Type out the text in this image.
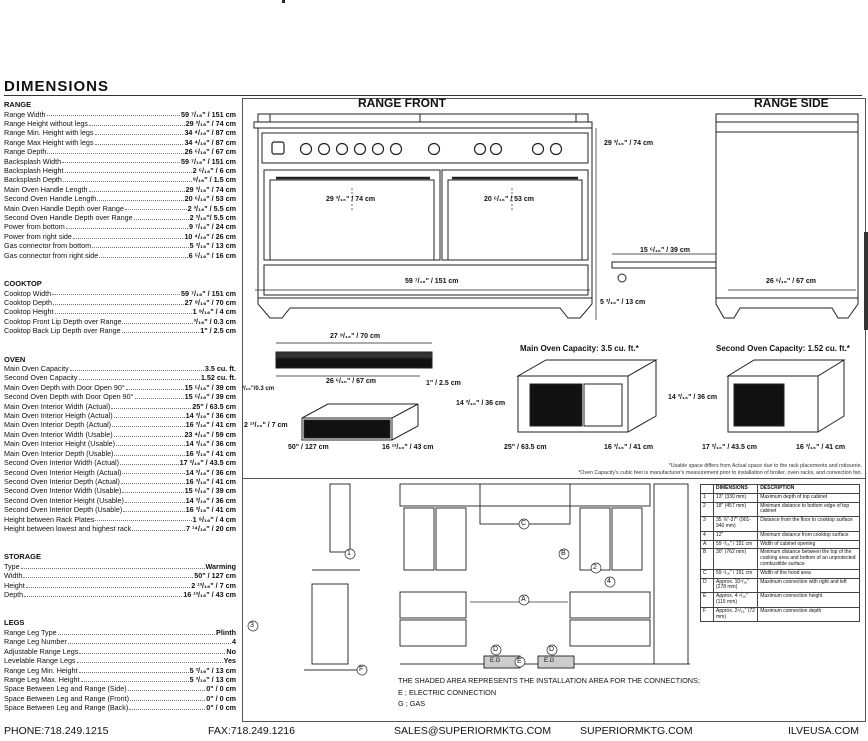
DIMENSIONS
RANGE
Range Width	59 ⁷/₁₆" / 151 cm
Range Height without legs	29 ³/₁₆" / 74 cm
Range Min. Height with legs	34 ⁴/₁₆" / 87 cm
Range Max Height with legs	34 ⁴/₁₆" / 87 cm
Range Depth	26 ⁶/₁₆" / 67 cm
Backsplash Width	59 ⁷/₁₆" / 151 cm
Backsplash Height	2 ⁶/₁₆" / 6 cm
Backsplash Depth	⁹/₁₆" / 1.5 cm
Main Oven Handle Length	29 ³/₁₆" / 74 cm
Second Oven Handle Length	20 ⁶/₁₆" / 53 cm
Main Oven Handle Depth over Range	2 ³/₁₆" / 5.5 cm
Second Oven Handle Depth over Range	2 ³/₁₆"/ 5.5 cm
Power from bottom	9 ⁷/₁₆" / 24 cm
Power from right side	10 ⁴/₁₆" / 26 cm
Gas connector from bottom	5 ³/₁₆" / 13 cm
Gas connector from right side	6 ⁵/₁₆" / 16 cm
COOKTOP
Cooktop Width	59 ⁷/₁₆" / 151 cm
Cooktop Depth	27 ⁹/₁₆" / 70 cm
Cooktop Height	1 ⁹/₁₆" / 4 cm
Cooktop Front Lip Depth over Range	³/₁₆" / 0.3 cm
Cooktop Back Lip Depth over Range	1" / 2.5 cm
OVEN
Main Oven Capacity	3.5 cu. ft.
Second Oven Capacity	1.52 cu. ft.
Main Oven Depth with Door Open 90°	15 ⁵/₁₆" / 39 cm
Second Oven Depth with Door Open 90°	15 ⁵/₁₆" / 39 cm
Main Oven Interior Width (Actual)	25" / 63.5 cm
Main Oven Interior Heigth (Actual)	14 ³/₁₆" / 36 cm
Main Oven Interior Depth (Actual)	16 ³/₁₆" / 41 cm
Main Oven Interior Width (Usable)	23 ⁴/₁₆" / 59 cm
Main Oven Interior Height (Usable)	14 ³/₁₆" / 36 cm
Main Oven Interior Depth (Usable)	16 ³/₁₆" / 41 cm
Second Oven Interior Width (Actual)	17 ²/₁₆" / 43.5 cm
Second Oven Interior Heigth (Actual)	14 ³/₁₆" / 36 cm
Second Oven Interior Depth (Actual)	16 ³/₁₆" / 41 cm
Second Oven Interior Width (Usable)	15 ⁶/₁₆" / 39 cm
Second Oven Interior Height (Usable)	14 ³/₁₆" / 36 cm
Second Oven Interior Depth (Usable)	16 ³/₁₆" / 41 cm
Height between Rack Plates	1 ⁹/₁₆" / 4 cm
Height between lowest and highest rack	7 ¹⁴/₁₆" / 20 cm
STORAGE
Type	Warming
Width	50" / 127 cm
Height	2 ¹³/₁₆" / 7 cm
Depth	16 ¹³/₁₆" / 43 cm
LEGS
Range Leg Type	Plinth
Range Leg Number	4
Adjustable Range Legs	No
Levelable Range Legs	Yes
Range Leg Min. Height	5 ³/₁₆" / 13 cm
Range Leg Max. Height	5 ³/₁₆" / 13 cm
Space Between Leg and Range (Side)	0" / 0 cm
Space Between Leg and Range (Front)	0" / 0 cm
Space Between Leg and Range (Back)	0" / 0 cm
RANGE FRONT	RANGE SIDE
1
2
3
4
A
B
C
D	D
E
F
E.G	E.G
29 ³/₁₆" / 74 cm
29 ³/₁₆" / 74 cm	20 ⁶/₁₆" / 53 cm
59 ⁷/₁₆" / 151 cm
5 ³/₁₆" / 13 cm
15 ⁶/₁₆" / 39 cm
26 ⁶/₁₆" / 67 cm
27 ⁹/₁₆" / 70 cm
26 ⁶/₁₆" / 67 cm
³/₁₆"/0.3 cm
1" / 2.5 cm
2 ¹³/₁₆" / 7 cm
50" / 127 cm	16 ¹³/₁₆" / 43 cm
Main Oven Capacity: 3.5 cu. ft.*
14 ³/₁₆" / 36 cm
25" / 63.5 cm	16 ³/₁₆" / 41 cm
Second Oven Capacity: 1.52 cu. ft.*
14 ³/₁₆" / 36 cm
17 ²/₁₆" / 43.5 cm	16 ³/₁₆" / 41 cm
*Usable space differs from Actual space due to the rack placements and rotisserie.
*Oven Capacity's cubic feet is manufacturer's measurement prior to installation of broiler, oven racks, and convection fan.
THE SHADED AREA REPRESENTS THE INSTALLATION AREA FOR THE CONNECTIONS;
E ; ELECTRIC CONNECTION
G ; GAS
	DIMENSIONS	DESCRIPTION
1	13" (330 mm)	Maximum depth of top cabinet
2	18" (457 mm)	Minimum distance to bottom edge of top cabinet
3	35 ⅞"-37" (901-940 mm)	Distance from the floor to cooktop surface
4	12"	Minimum distance from cooktop surface
A	59 ⁷/₁₆" / 151 cm	Width of cabinet opening
B	30" (762 mm)	Minimum distance between the top of the cooking area and bottom of an unprotected combustible surface
C	59 ⁷/₁₆" / 151 cm	Width of the hood area
D	Approx. 10⁷/₁₆" (278 mm)	Maximum connection with right and left
E	Approx. 4 ⁹/₁₆" (115 mm)	Maximum connection height
F	Approx. 2⁵/₁₆" (72 mm)	Maximum connection depth
PHONE:718.249.1215	FAX:718.249.1216	SALES@SUPERIORMKTG.COM	SUPERIORMKTG.COM	ILVEUSA.COM
